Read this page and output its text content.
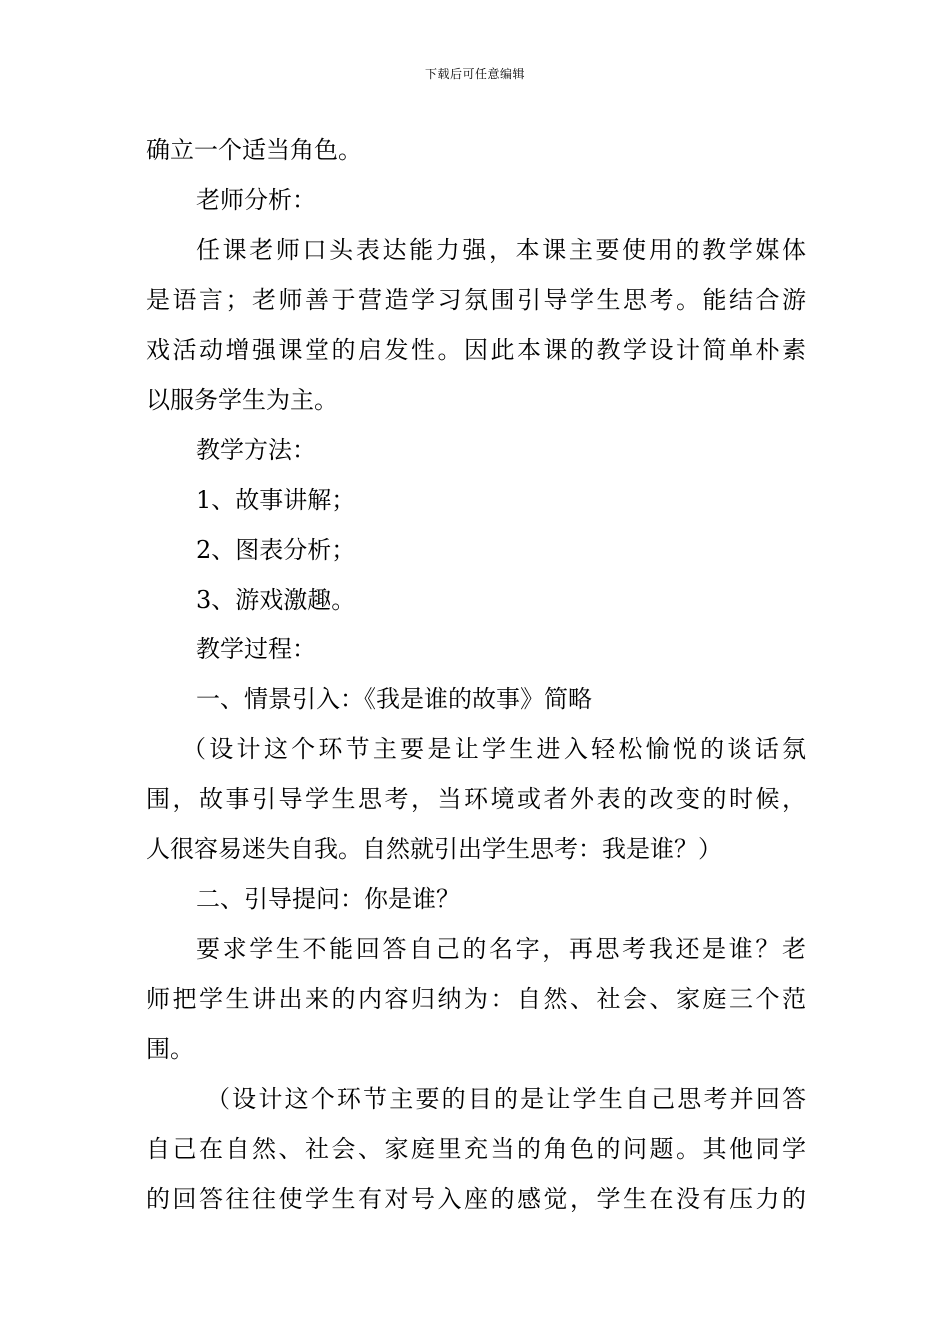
下载后可任意编辑
确立一个适当角色。
老师分析：
任课老师口头表达能力强，本课主要使用的教学媒体
是语言；老师善于营造学习氛围引导学生思考。能结合游
戏活动增强课堂的启发性。因此本课的教学设计简单朴素
以服务学生为主。
教学方法：
1、故事讲解；
2、图表分析；
3、游戏激趣。
教学过程：
一、情景引入：《我是谁的故事》简略
（设计这个环节主要是让学生进入轻松愉悦的谈话氛
围，故事引导学生思考，当环境或者外表的改变的时候，
人很容易迷失自我。自然就引出学生思考：我是谁？）
二、引导提问：你是谁？
要求学生不能回答自己的名字，再思考我还是谁？老
师把学生讲出来的内容归纳为：自然、社会、家庭三个范
围。
（设计这个环节主要的目的是让学生自己思考并回答
自己在自然、社会、家庭里充当的角色的问题。其他同学
的回答往往使学生有对号入座的感觉，学生在没有压力的
